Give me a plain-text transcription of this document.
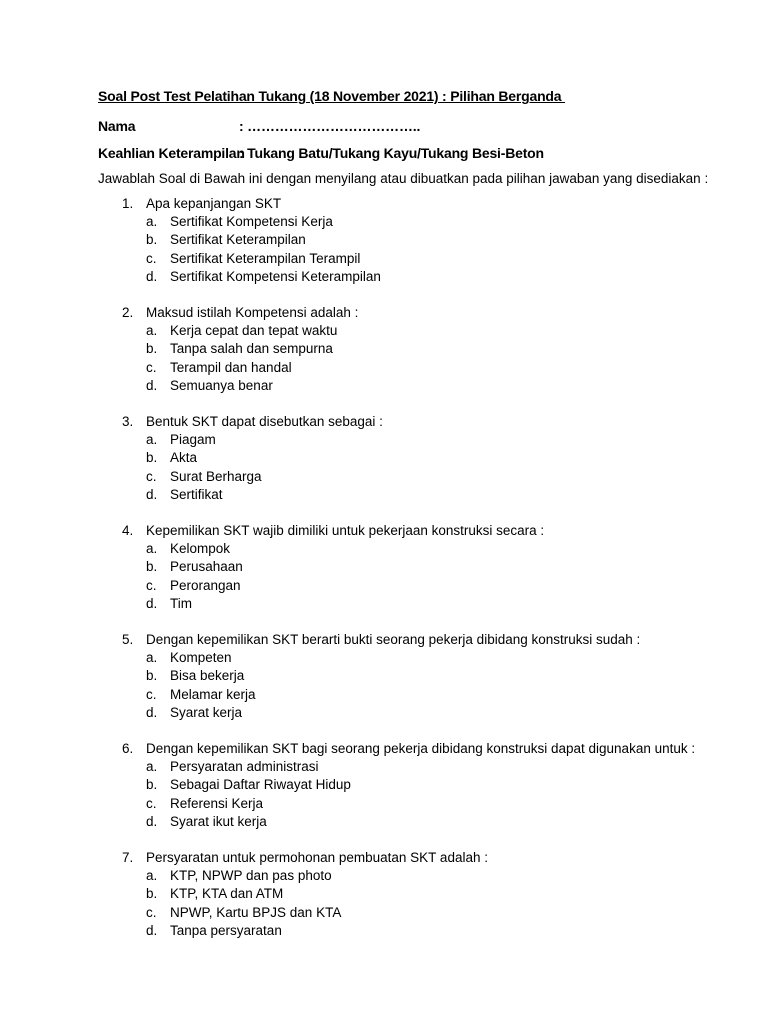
Soal Post Test Pelatihan Tukang (18 November 2021) : Pilihan Berganda
Nama	: ………………………………..
Keahlian Keterampilan
: Tukang Batu/Tukang Kayu/Tukang Besi-Beton
Jawablah Soal di Bawah ini dengan menyilang atau dibuatkan pada pilihan jawaban yang disediakan :
1. Apa kepanjangan SKT
a. Sertifikat Kompetensi Kerja
b. Sertifikat Keterampilan
c. Sertifikat Keterampilan Terampil
d. Sertifikat Kompetensi Keterampilan
2. Maksud istilah Kompetensi adalah :
a. Kerja cepat dan tepat waktu
b. Tanpa salah dan sempurna
c. Terampil dan handal
d. Semuanya benar
3. Bentuk SKT dapat disebutkan sebagai :
a. Piagam
b. Akta
c. Surat Berharga
d. Sertifikat
4. Kepemilikan SKT wajib dimiliki untuk pekerjaan konstruksi secara :
a. Kelompok
b. Perusahaan
c. Perorangan
d. Tim
5. Dengan kepemilikan SKT berarti bukti seorang pekerja dibidang konstruksi sudah :
a. Kompeten
b. Bisa bekerja
c. Melamar kerja
d. Syarat kerja
6. Dengan kepemilikan SKT bagi seorang pekerja dibidang konstruksi dapat digunakan untuk :
a. Persyaratan administrasi
b. Sebagai Daftar Riwayat Hidup
c. Referensi Kerja
d. Syarat ikut kerja
7. Persyaratan untuk permohonan pembuatan SKT adalah :
a. KTP, NPWP dan pas photo
b. KTP, KTA dan ATM
c. NPWP, Kartu BPJS dan KTA
d. Tanpa persyaratan
